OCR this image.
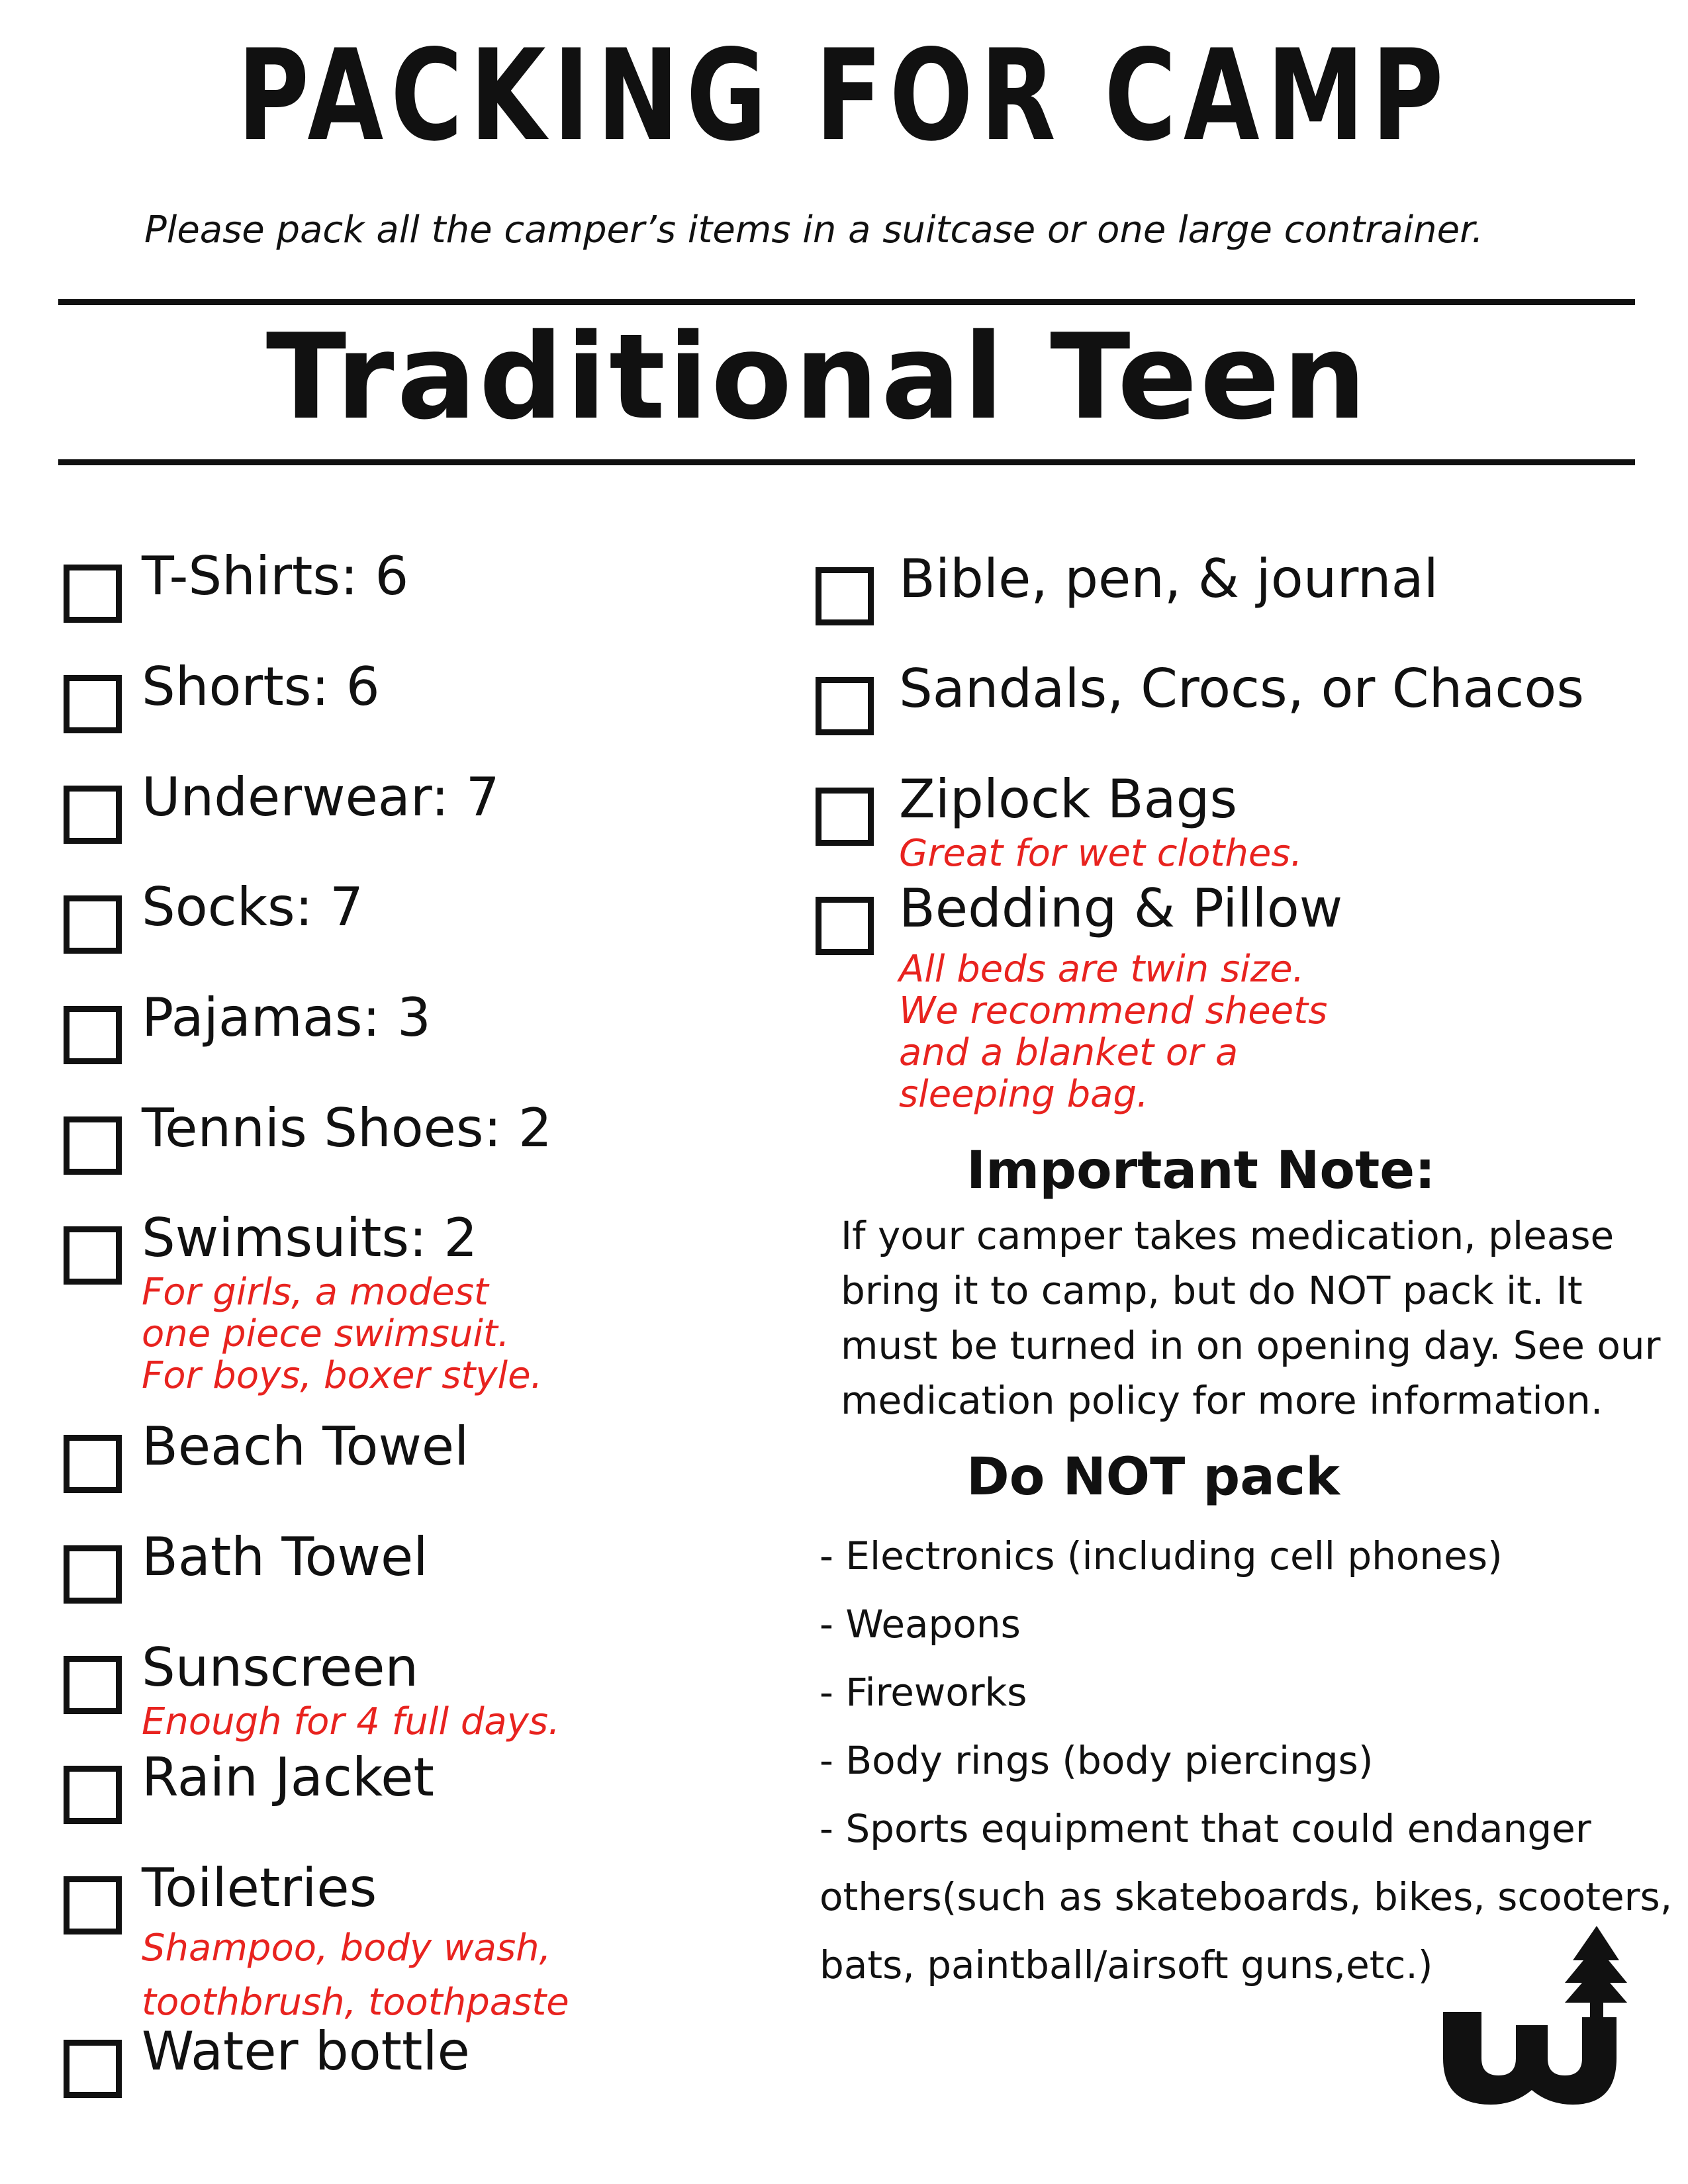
PACKING FOR CAMP
Please pack all the camper’s items in a suitcase or one large contrainer.
Traditional Teen
T-Shirts: 6
Shorts: 6
Underwear: 7
Socks: 7
Pajamas: 3
Tennis Shoes: 2
Swimsuits: 2
For girls, a modest
one piece swimsuit.
For boys, boxer style.
Beach Towel
Bath Towel
Sunscreen
Enough for 4 full days.
Rain Jacket
Toiletries
Shampoo, body wash,
toothbrush, toothpaste
Water bottle
Bible, pen, & journal
Sandals, Crocs, or Chacos
Ziplock Bags
Great for wet clothes.
Bedding & Pillow
All beds are twin size.
We recommend sheets
and a blanket or a
sleeping bag.
Important Note:
If your camper takes medication, please
bring it to camp, but do NOT pack it. It
must be turned in on opening day. See our
medication policy for more information.
Do NOT pack
- Electronics (including cell phones)
- Weapons
- Fireworks
- Body rings (body piercings)
- Sports equipment that could endanger
others(such as skateboards, bikes, scooters,
bats, paintball/airsoft guns,etc.)
